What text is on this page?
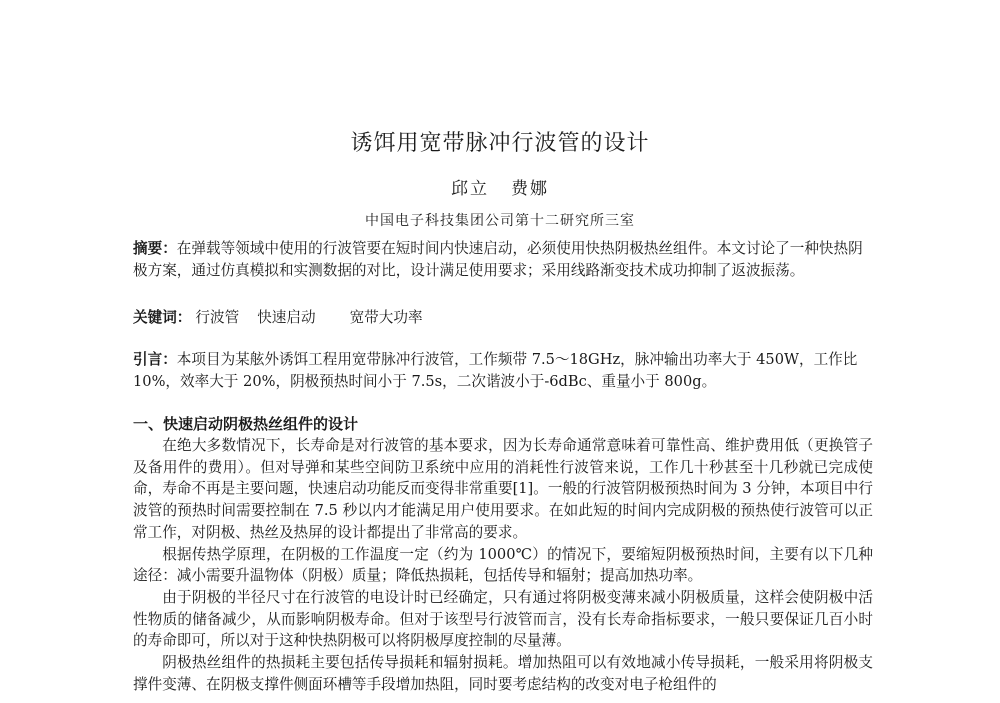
诱饵用宽带脉冲行波管的设计
邱立 费娜
中国电子科技集团公司第十二研究所三室
摘要：在弹载等领域中使用的行波管要在短时间内快速启动，必须使用快热阴极热丝组件。本文讨论了一种快热阴极方案，通过仿真模拟和实测数据的对比，设计满足使用要求；采用线路渐变技术成功抑制了返波振荡。
关键词： 行波管 快速启动 宽带大功率
引言：本项目为某舷外诱饵工程用宽带脉冲行波管，工作频带 7.5～18GHz，脉冲输出功率大于 450W，工作比 10%，效率大于 20%，阴极预热时间小于 7.5s，二次谐波小于-6dBc、重量小于 800g。
一、快速启动阴极热丝组件的设计

在绝大多数情况下，长寿命是对行波管的基本要求，因为长寿命通常意味着可靠性高、维护费用低（更换管子及备用件的费用）。但对导弹和某些空间防卫系统中应用的消耗性行波管来说，工作几十秒甚至十几秒就已完成使命，寿命不再是主要问题，快速启动功能反而变得非常重要[1]。一般的行波管阴极预热时间为 3 分钟，本项目中行波管的预热时间需要控制在 7.5 秒以内才能满足用户使用要求。在如此短的时间内完成阴极的预热使行波管可以正常工作，对阴极、热丝及热屏的设计都提出了非常高的要求。

根据传热学原理，在阴极的工作温度一定（约为 1000℃）的情况下，要缩短阴极预热时间，主要有以下几种途径：减小需要升温物体（阴极）质量；降低热损耗，包括传导和辐射；提高加热功率。

由于阴极的半径尺寸在行波管的电设计时已经确定，只有通过将阴极变薄来减小阴极质量，这样会使阴极中活性物质的储备减少，从而影响阴极寿命。但对于该型号行波管而言，没有长寿命指标要求，一般只要保证几百小时的寿命即可，所以对于这种快热阴极可以将阴极厚度控制的尽量薄。

阴极热丝组件的热损耗主要包括传导损耗和辐射损耗。增加热阻可以有效地减小传导损耗，一般采用将阴极支撑件变薄、在阴极支撑件侧面环槽等手段增加热阻，同时要考虑结构的改变对电子枪组件的
